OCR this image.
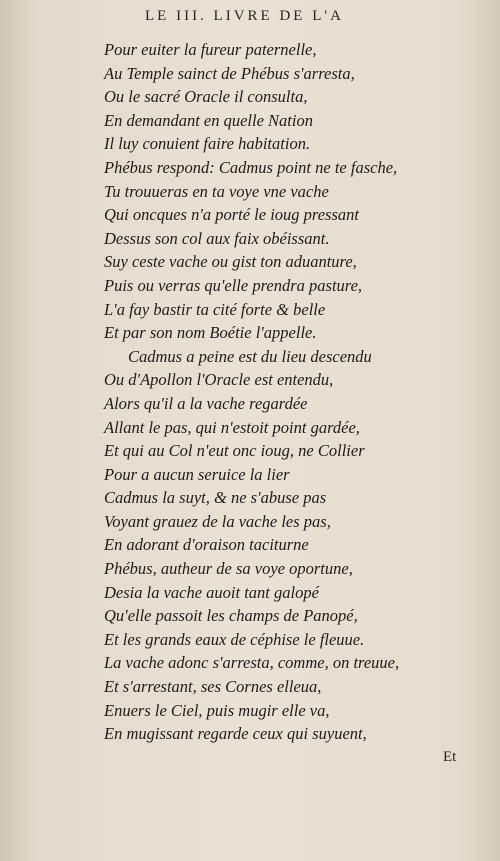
LE III. LIVRE DE L'A
Pour euiter la fureur paternelle,
Au Temple sainct de Phébus s'arresta,
Ou le sacré Oracle il consulta,
En demandant en quelle Nation
Il luy conuient faire habitation.
Phébus respond: Cadmus point ne te fasche,
Tu trouueras en ta voye vne vache
Qui oncques n'a porté le ioug pressant
Dessus son col aux faix obéissant.
Suy ceste vache ou gist ton aduanture,
Puis ou verras qu'elle prendra pasture,
L'a fay bastir ta cité forte & belle
Et par son nom Boétie l'appelle.
Cadmus a peine est du lieu descendu
Ou d'Apollon l'Oracle est entendu,
Alors qu'il a la vache regardée
Allant le pas, qui n'estoit point gardée,
Et qui au Col n'eut onc ioug, ne Collier
Pour a aucun seruice la lier
Cadmus la suyt, & ne s'abuse pas
Voyant grauez de la vache les pas,
En adorant d'oraison taciturne
Phébus, autheur de sa voye oportune,
Desia la vache auoit tant galopé
Qu'elle passoit les champs de Panopé,
Et les grands eaux de céphise le fleuue.
La vache adonc s'arresta, comme, on treuue,
Et s'arrestant, ses Cornes elleua,
Enuers le Ciel, puis mugir elle va,
En mugissant regarde ceux qui suyuent,
Et
